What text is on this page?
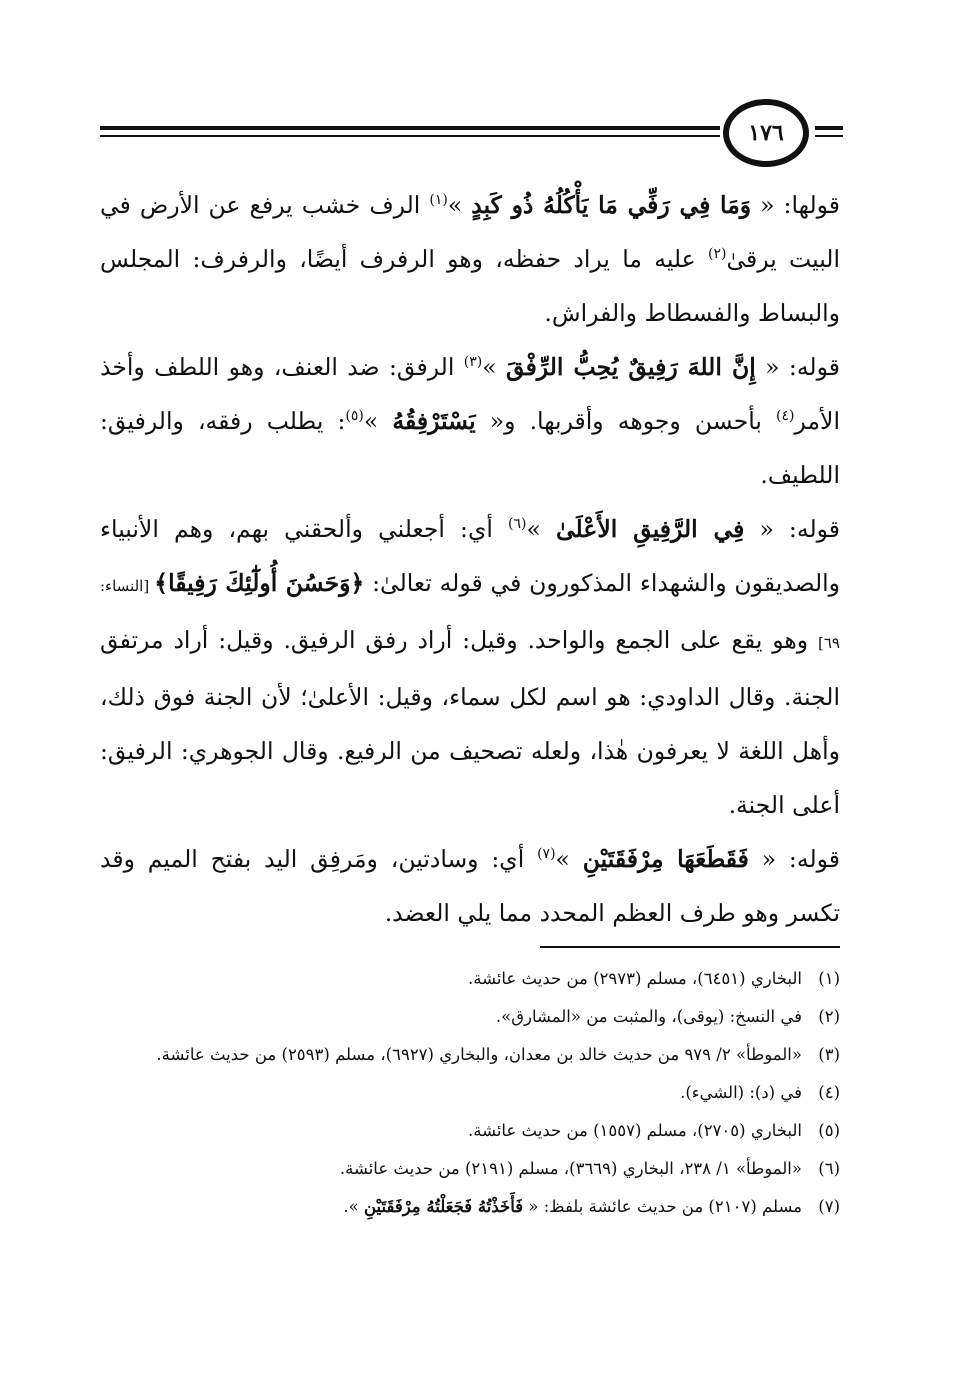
١٧٦

قولها: « وَمَا فِي رَفِّي مَا يَأْكُلُهُ ذُو كَبِدٍ »$^{(١)}$ الرف خشب يرفع عن الأرض في البيت يرقىٰ$^{(٢)}$ عليه ما يراد حفظه، وهو الرفرف أيضًا، والرفرف: المجلس والبساط والفسطاط والفراش.

قوله: « إِنَّ اللهَ رَفِيقٌ يُحِبُّ الرِّفْقَ »$^{(٣)}$ الرفق: ضد العنف، وهو اللطف وأخذ الأمر$^{(٤)}$ بأحسن وجوهه وأقربها. و« يَسْتَرْفِقُهُ »$^{(٥)}$: يطلب رفقه، والرفيق: اللطيف.

قوله: « فِي الرَّفِيقِ الأَعْلَىٰ »$^{(٦)}$ أي: أجعلني وألحقني بهم، وهم الأنبياء والصديقون والشهداء المذكورون في قوله تعالىٰ: ﴿وَحَسُنَ أُولَٰٓئِكَ رَفِيقًا﴾ [النساء: ٦٩] وهو يقع على الجمع والواحد. وقيل: أراد رفق الرفيق. وقيل: أراد مرتفق الجنة. وقال الداودي: هو اسم لكل سماء، وقيل: الأعلىٰ؛ لأن الجنة فوق ذلك، وأهل اللغة لا يعرفون هٰذا، ولعله تصحيف من الرفيع. وقال الجوهري: الرفيق: أعلى الجنة.

قوله: « فَقَطَعَهَا مِرْفَقَتَيْنِ »$^{(٧)}$ أي: وسادتين، ومَرفِق اليد بفتح الميم وقد تكسر وهو طرف العظم المحدد مما يلي العضد.

(١)
البخاري (٦٤٥١)، مسلم (٢٩٧٣) من حديث عائشة.

(٢)
في النسخ: (يوقى)، والمثبت من «المشارق».

(٣)
«الموطأ» ٢/ ٩٧٩ من حديث خالد بن معدان، والبخاري (٦٩٢٧)، مسلم (٢٥٩٣) من حديث عائشة.

(٤)
في (د): (الشيء).

(٥)
البخاري (٢٧٠٥)، مسلم (١٥٥٧) من حديث عائشة.

(٦)
«الموطأ» ١/ ٢٣٨، البخاري (٣٦٦٩)، مسلم (٢١٩١) من حديث عائشة.

(٧)
مسلم (٢١٠٧) من حديث عائشة بلفظ: « فَأَخَذْتُهُ فَجَعَلْتُهُ مِرْفَقَتَيْنِ ».
